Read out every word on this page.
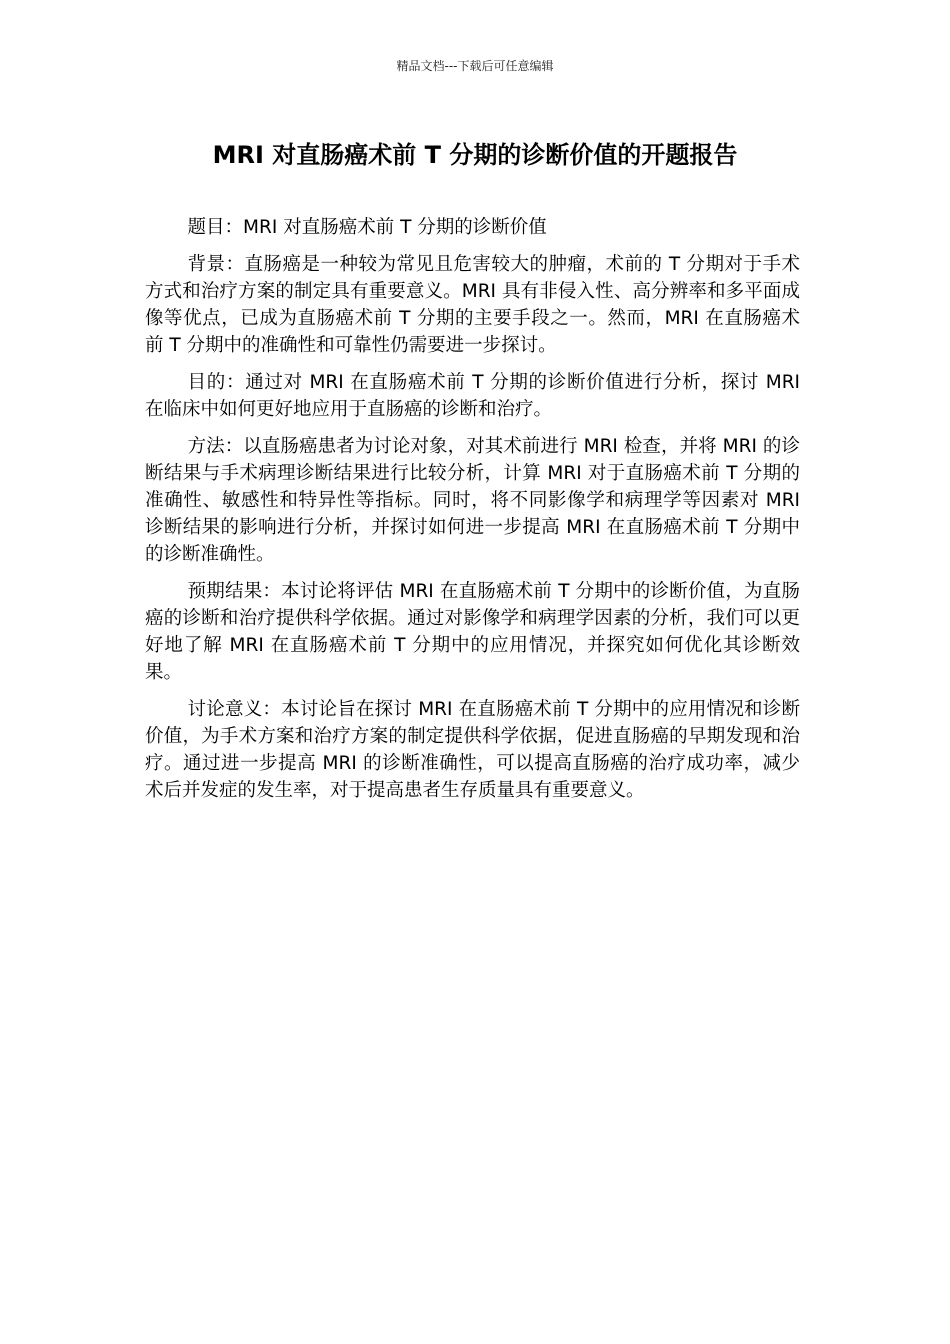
精品文档---下载后可任意编辑
MRI 对直肠癌术前 T 分期的诊断价值的开题报告

题目：MRI 对直肠癌术前 T 分期的诊断价值

背景：直肠癌是一种较为常见且危害较大的肿瘤，术前的 T 分期对于手术方式和治疗方案的制定具有重要意义。MRI 具有非侵入性、高分辨率和多平面成像等优点，已成为直肠癌术前 T 分期的主要手段之一。然而，MRI 在直肠癌术前 T 分期中的准确性和可靠性仍需要进一步探讨。

目的：通过对 MRI 在直肠癌术前 T 分期的诊断价值进行分析，探讨 MRI 在临床中如何更好地应用于直肠癌的诊断和治疗。

方法：以直肠癌患者为讨论对象，对其术前进行 MRI 检查，并将 MRI 的诊断结果与手术病理诊断结果进行比较分析，计算 MRI 对于直肠癌术前 T 分期的准确性、敏感性和特异性等指标。同时，将不同影像学和病理学等因素对 MRI 诊断结果的影响进行分析，并探讨如何进一步提高 MRI 在直肠癌术前 T 分期中的诊断准确性。

预期结果：本讨论将评估 MRI 在直肠癌术前 T 分期中的诊断价值，为直肠癌的诊断和治疗提供科学依据。通过对影像学和病理学因素的分析，我们可以更好地了解 MRI 在直肠癌术前 T 分期中的应用情况，并探究如何优化其诊断效果。

讨论意义：本讨论旨在探讨 MRI 在直肠癌术前 T 分期中的应用情况和诊断价值，为手术方案和治疗方案的制定提供科学依据，促进直肠癌的早期发现和治疗。通过进一步提高 MRI 的诊断准确性，可以提高直肠癌的治疗成功率，减少术后并发症的发生率，对于提高患者生存质量具有重要意义。
